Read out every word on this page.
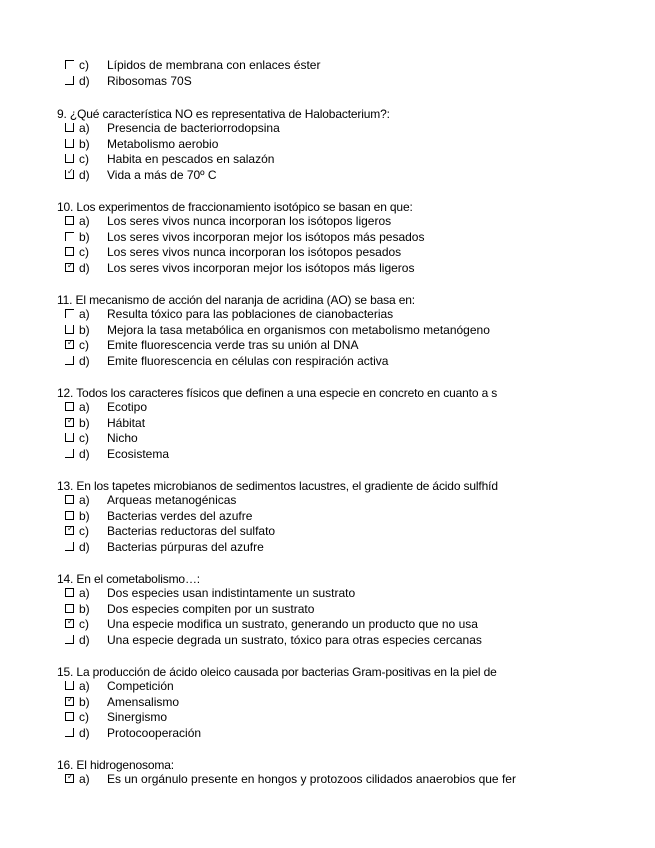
c) Lípidos de membrana con enlaces éster
d) Ribosomas 70S
9. ¿Qué característica NO es representativa de Halobacterium?:
a) Presencia de bacteriorrodopsina
b) Metabolismo aerobio
c) Habita en pescados en salazón
✓ d) Vida a más de 70º C
10. Los experimentos de fraccionamiento isotópico se basan en que:
a) Los seres vivos nunca incorporan los isótopos ligeros
b) Los seres vivos incorporan mejor los isótopos más pesados
c) Los seres vivos nunca incorporan los isótopos pesados
✓ d) Los seres vivos incorporan mejor los isótopos más ligeros
11. El mecanismo de acción del naranja de acridina (AO) se basa en:
a) Resulta tóxico para las poblaciones de cianobacterias
b) Mejora la tasa metabólica en organismos con metabolismo metanógeno
✓ c) Emite fluorescencia verde tras su unión al DNA
d) Emite fluorescencia en células con respiración activa
12. Todos los caracteres físicos que definen a una especie en concreto en cuanto a s
a) Ecotipo
✓ b) Hábitat
c) Nicho
d) Ecosistema
13. En los tapetes microbianos de sedimentos lacustres, el gradiente de ácido sulfhíd
a) Arqueas metanogénicas
b) Bacterias verdes del azufre
✓ c) Bacterias reductoras del sulfato
d) Bacterias púrpuras del azufre
14. En el cometabolismo…:
a) Dos especies usan indistintamente un sustrato
b) Dos especies compiten por un sustrato
✓ c) Una especie modifica un sustrato, generando un producto que no usa
d) Una especie degrada un sustrato, tóxico para otras especies cercanas
15. La producción de ácido oleico causada por bacterias Gram-positivas en la piel de
a) Competición
✓ b) Amensalismo
c) Sinergismo
d) Protocooperación
16. El hidrogenosoma:
✓ a) Es un orgánulo presente en hongos y protozoos cilidados anaerobios que fer
